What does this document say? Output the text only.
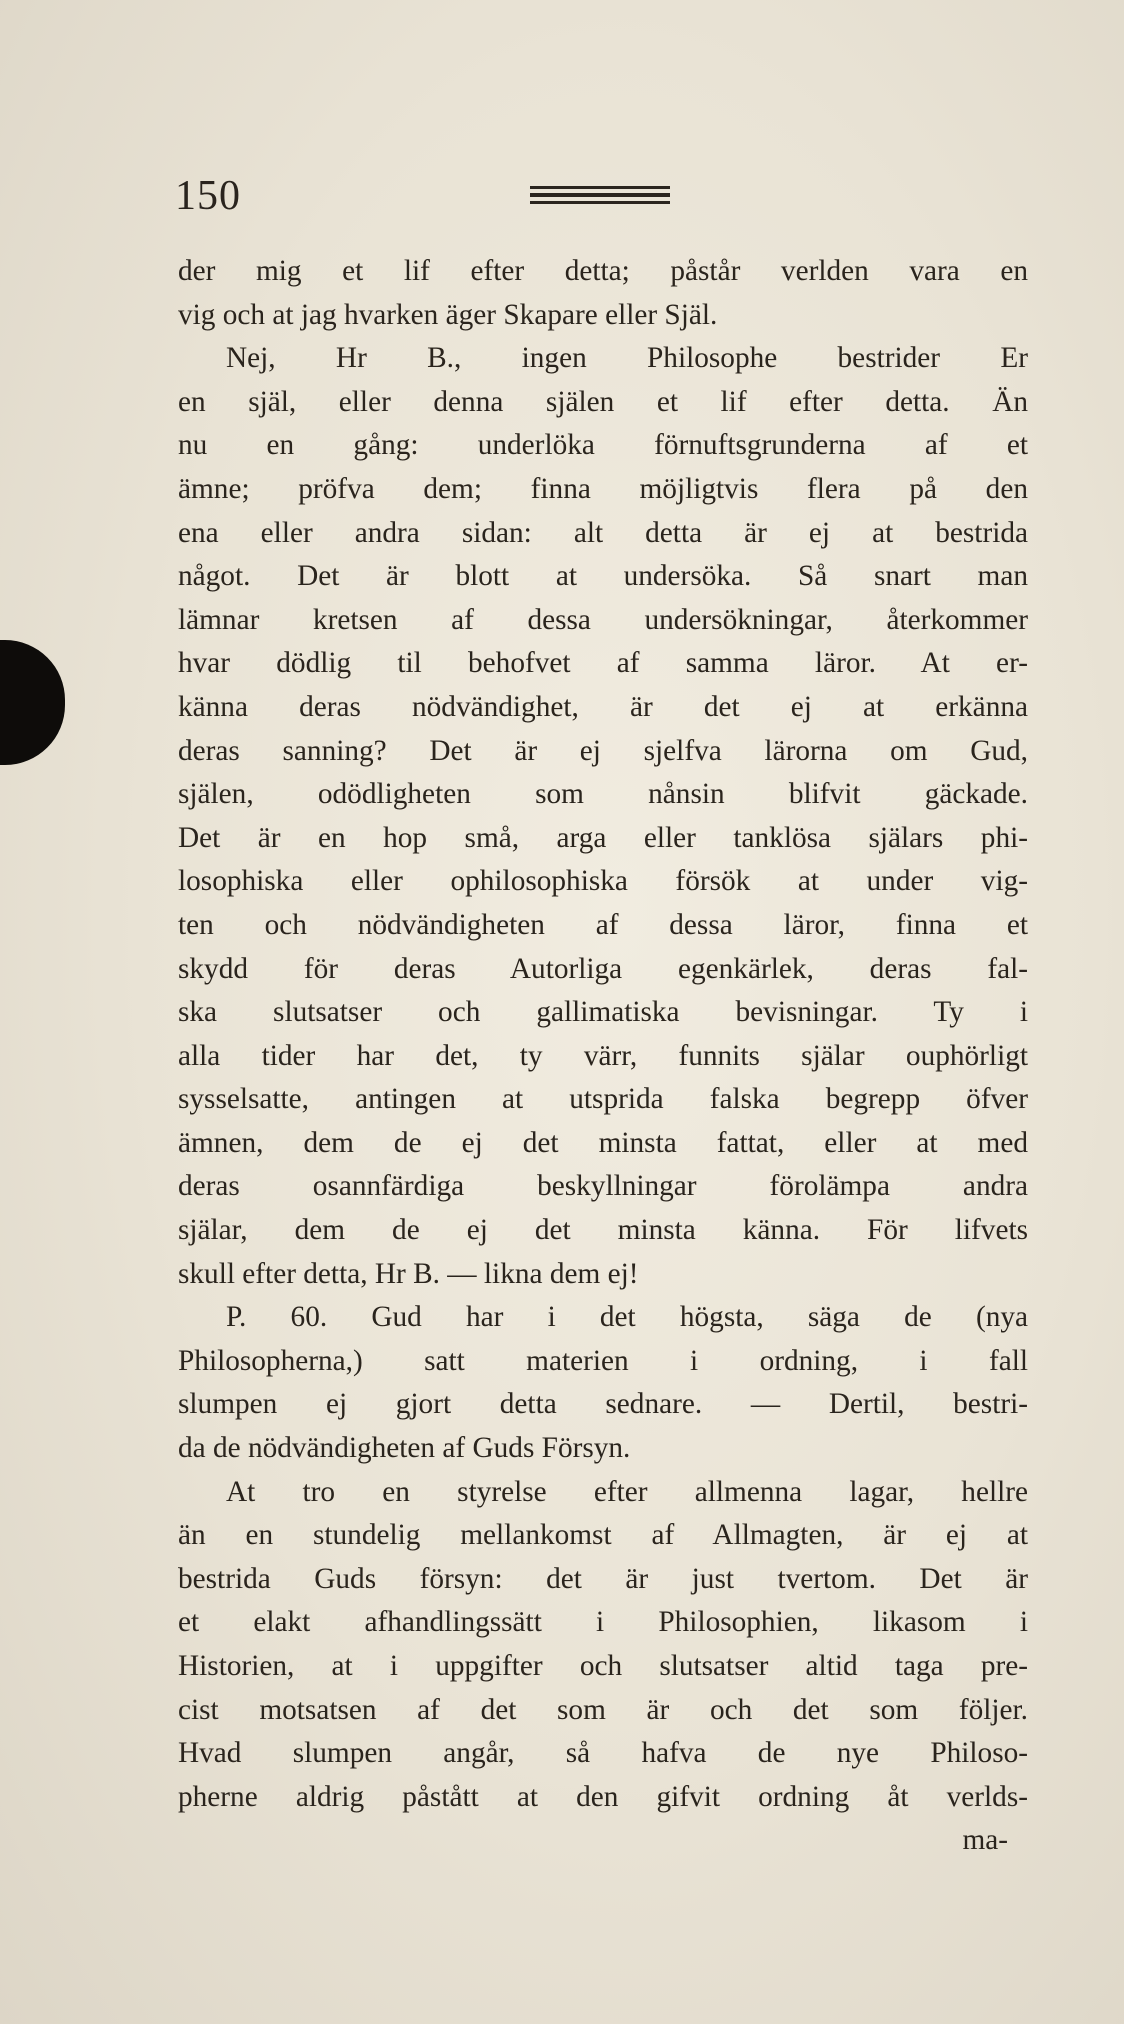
150
der mig et lif efter detta; påstår verlden vara en
vig och at jag hvarken äger Skapare eller Själ.
Nej, Hr B., ingen Philosophe bestrider Er
en själ, eller denna själen et lif efter detta. Än
nu en gång: underlöka förnuftsgrunderna af et
ämne; pröfva dem; finna möjligtvis flera på den
ena eller andra sidan: alt detta är ej at bestrida
något. Det är blott at undersöka. Så snart man
lämnar kretsen af dessa undersökningar, återkommer
hvar dödlig til behofvet af samma läror. At er-
känna deras nödvändighet, är det ej at erkänna
deras sanning? Det är ej sjelfva lärorna om Gud,
själen, odödligheten som nånsin blifvit gäckade.
Det är en hop små, arga eller tanklösa själars phi-
losophiska eller ophilosophiska försök at under vig-
ten och nödvändigheten af dessa läror, finna et
skydd för deras Autorliga egenkärlek, deras fal-
ska slutsatser och gallimatiska bevisningar. Ty i
alla tider har det, ty värr, funnits själar ouphörligt
sysselsatte, antingen at utsprida falska begrepp öfver
ämnen, dem de ej det minsta fattat, eller at med
deras osannfärdiga beskyllningar förolämpa andra
själar, dem de ej det minsta känna. För lifvets
skull efter detta, Hr B. — likna dem ej!
P. 60. Gud har i det högsta, säga de (nya
Philosopherna,) satt materien i ordning, i fall
slumpen ej gjort detta sednare. — Dertil, bestri-
da de nödvändigheten af Guds Försyn.
At tro en styrelse efter allmenna lagar, hellre
än en stundelig mellankomst af Allmagten, är ej at
bestrida Guds försyn: det är just tvertom. Det är
et elakt afhandlingssätt i Philosophien, likasom i
Historien, at i uppgifter och slutsatser altid taga pre-
cist motsatsen af det som är och det som följer.
Hvad slumpen angår, så hafva de nye Philoso-
pherne aldrig påstått at den gifvit ordning åt verlds-
ma-
